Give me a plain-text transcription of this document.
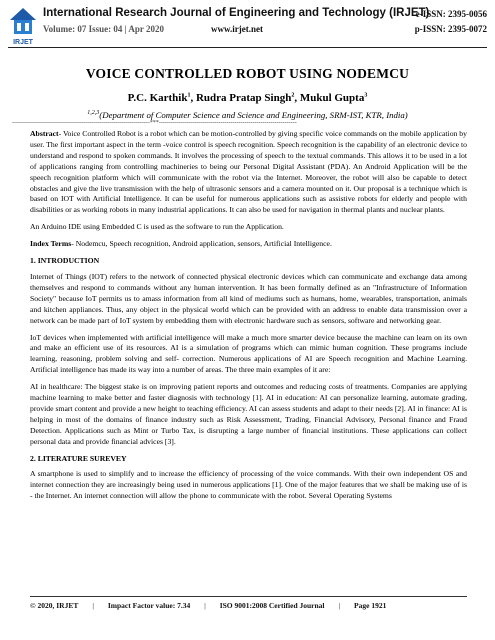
IRJET
International Research Journal of Engineering and Technology (IRJET)
Volume: 07 Issue: 04 | Apr 2020	www.irjet.net
e-ISSN: 2395-0056
p-ISSN: 2395-0072
VOICE CONTROLLED ROBOT USING NODEMCU
P.C. Karthik$^1$, Rudra Pratap Singh$^2$, Mukul Gupta$^3$
$^{1,2,3}$(Department of Computer Science and Science and Engineering, SRM-IST, KTR, India)
---------------------------------------------------------------------***---------------------------------------------------------------------

Abstract- Voice Controlled Robot is a robot which can be motion-controlled by giving specific voice commands on the mobile application by user. The first important aspect in the term -voice control is speech recognition. Speech recognition is the capability of an electronic device to understand and respond to spoken commands. It involves the processing of speech to the textual commands. This allows it to be used in a lot of applications ranging from controlling machineries to being our Personal Digital Assistant (PDA). An Android Application will be the speech recognition platform which will communicate with the robot via the Internet. Moreover, the robot will also be capable to detect obstacles and give the live transmission with the help of ultrasonic sensors and a camera mounted on it. Our proposal is a technique which is based on IOT with Artificial Intelligence. It can be useful for numerous applications such as assistive robots for elderly and people with disabilities or as working robots in many industrial applications. It can also be used for navigation in thermal plants and nuclear plants.

An Arduino IDE using Embedded C is used as the software to run the Application.

Index Terms- Nodemcu, Speech recognition, Android application, sensors, Artificial Intelligence.

1. INTRODUCTION

Internet of Things (IOT) refers to the network of connected physical electronic devices which can communicate and exchange data among themselves and respond to commands without any human intervention. It has been formally defined as an "Infrastructure of Information Society" because IoT permits us to amass information from all kind of mediums such as humans, home, wearables, transportation, animals and kitchen appliances. Thus, any object in the physical world which can be provided with an address to enable data transmission over a network can be made part of IoT system by embedding them with electronic hardware such as sensors, software and networking gear.

IoT devices when implemented with artificial intelligence will make a much more smarter device because the machine can learn on its own and make an efficient use of its resources. AI is a simulation of programs which can mimic human cognition. These programs include learning, reasoning, problem solving and self- correction. Numerous applications of AI are Speech recognition and Machine Learning. Artificial intelligence has made its way into a number of areas. The three main examples of it are:

AI in healthcare: The biggest stake is on improving patient reports and outcomes and reducing costs of treatments. Companies are applying machine learning to make better and faster diagnosis with technology [1]. AI in education: AI can personalize learning, automate grading, provide smart content and provide a new height to teaching efficiency. AI can assess students and adapt to their needs [2]. AI in finance: AI is helping in most of the domains of finance industry such as Risk Assessment, Trading, Financial Advisory, Personal finance and Fraud Detection. Applications such as Mint or Turbo Tax, is disrupting a large number of financial institutions. These applications can collect personal data and provide financial advices [3].

2. LITERATURE SUREVEY

A smartphone is used to simplify and to increase the efficiency of processing of the voice commands. With their own independent OS and internet connection they are increasingly being used in numerous applications [1]. One of the major features that we shall be making use of is - the Internet. An internet connection will allow the phone to communicate with the robot. Several Operating Systems

© 2020, IRJET | Impact Factor value: 7.34 | ISO 9001:2008 Certified Journal | Page 1921
